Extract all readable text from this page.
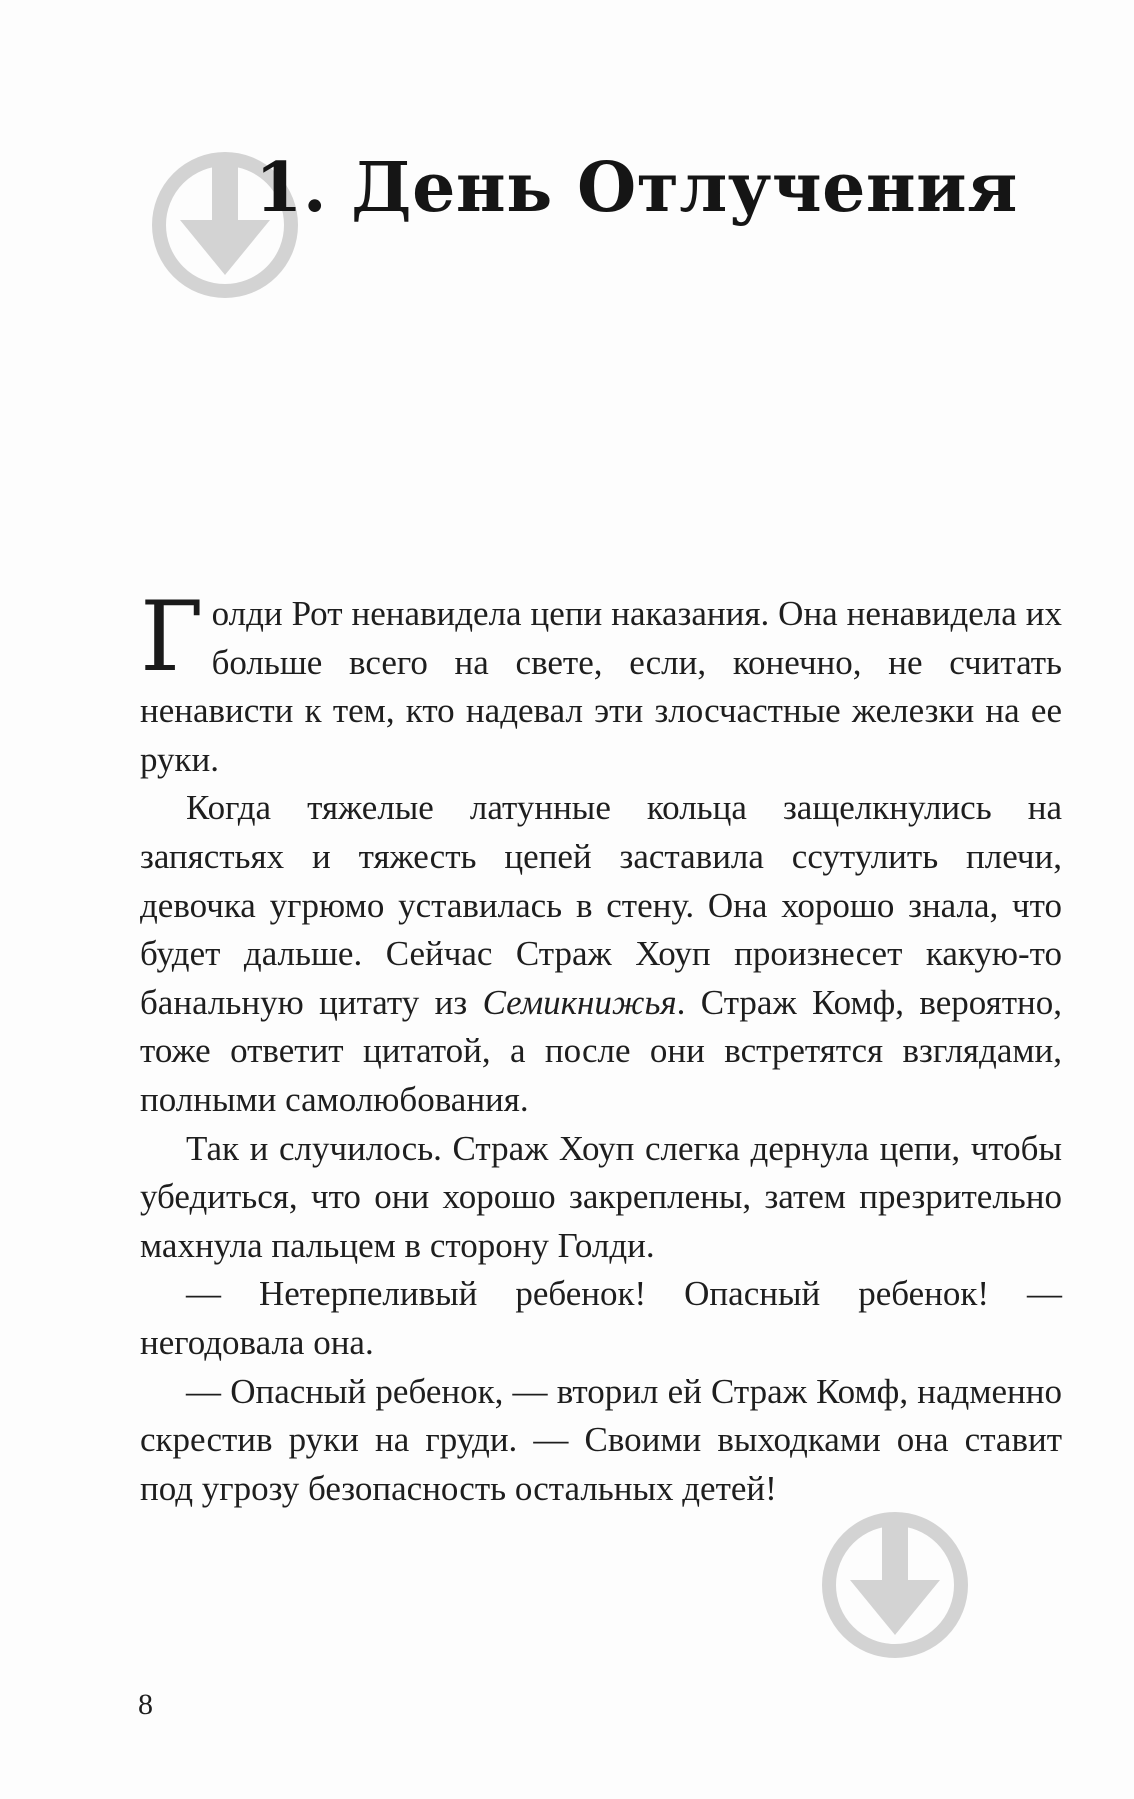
1. День Отлучения

Голди Рот ненавидела цепи наказания. Она ненавидела их больше всего на свете, если, конечно, не считать ненависти к тем, кто надевал эти злосчастные железки на ее руки.

Когда тяжелые латунные кольца защелкнулись на запястьях и тяжесть цепей заставила ссутулить плечи, девочка угрюмо уставилась в стену. Она хорошо знала, что будет дальше. Сейчас Страж Хоуп произнесет какую-то банальную цитату из Семикнижья. Страж Комф, вероятно, тоже ответит цитатой, а после они встретятся взглядами, полными самолюбования.

Так и случилось. Страж Хоуп слегка дернула цепи, чтобы убедиться, что они хорошо закреплены, затем презрительно махнула пальцем в сторону Голди.

— Нетерпеливый ребенок! Опасный ребенок! — негодовала она.

— Опасный ребенок, — вторил ей Страж Комф, надменно скрестив руки на груди. — Своими выходками она ставит под угрозу безопасность остальных детей!

8
